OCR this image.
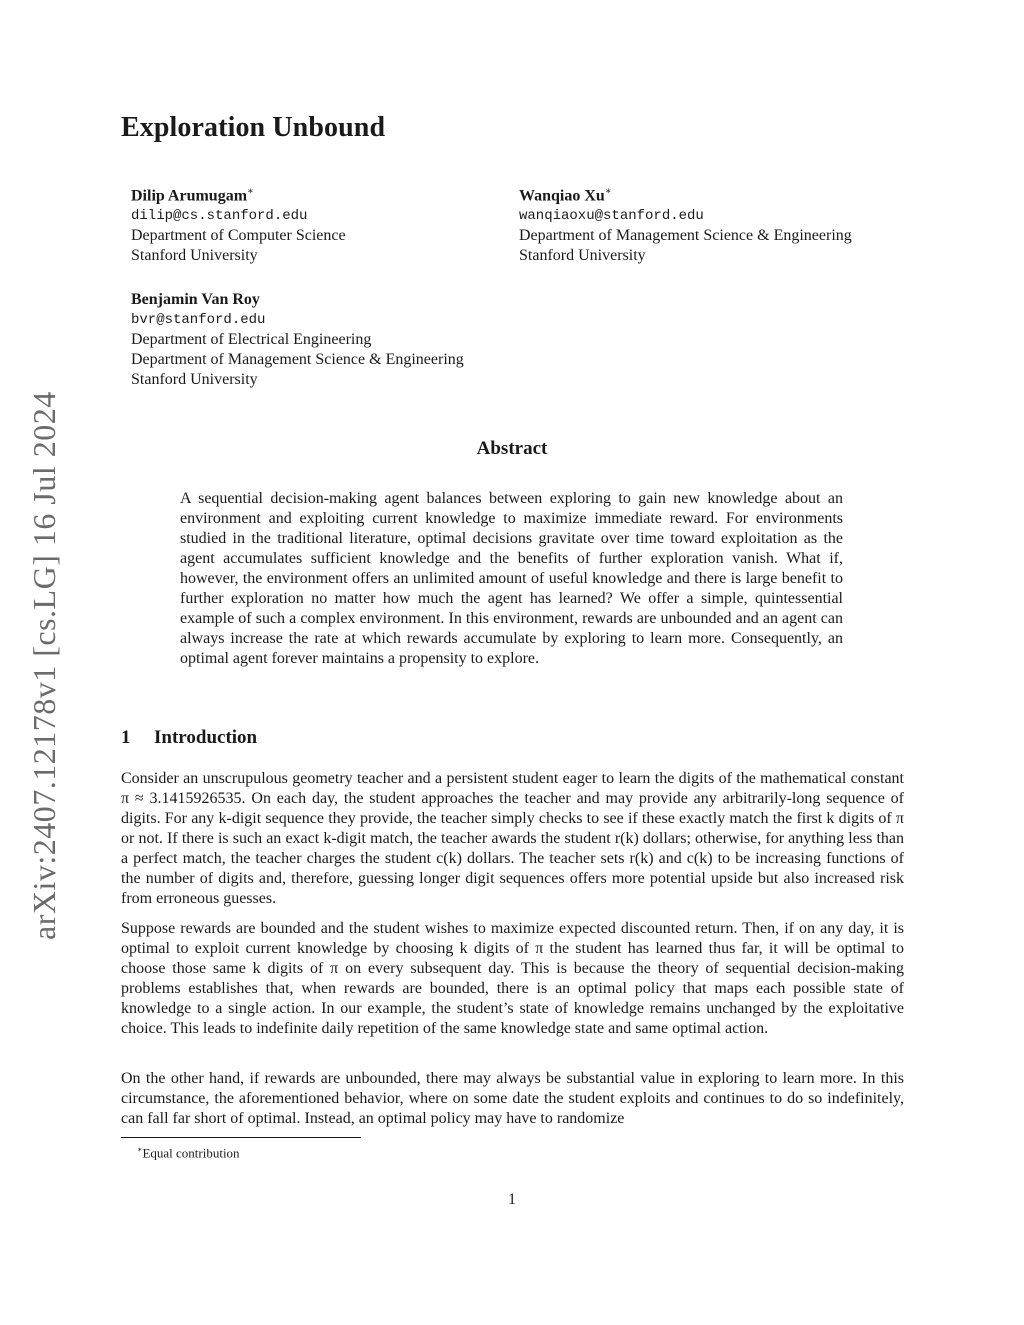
arXiv:2407.12178v1 [cs.LG] 16 Jul 2024
Exploration Unbound
Dilip Arumugam∗
dilip@cs.stanford.edu
Department of Computer Science
Stanford University
Wanqiao Xu∗
wanqiaoxu@stanford.edu
Department of Management Science & Engineering
Stanford University
Benjamin Van Roy
bvr@stanford.edu
Department of Electrical Engineering
Department of Management Science & Engineering
Stanford University
Abstract

A sequential decision-making agent balances between exploring to gain new knowledge about an environment and exploiting current knowledge to maximize immediate reward. For environments studied in the traditional literature, optimal decisions gravitate over time toward exploitation as the agent accumulates sufficient knowledge and the benefits of further exploration vanish. What if, however, the environment offers an unlimited amount of useful knowledge and there is large benefit to further exploration no matter how much the agent has learned? We offer a simple, quintessential example of such a complex environment. In this environment, rewards are unbounded and an agent can always increase the rate at which rewards accumulate by exploring to learn more. Consequently, an optimal agent forever maintains a propensity to explore.

1 Introduction

Consider an unscrupulous geometry teacher and a persistent student eager to learn the digits of the mathematical constant π ≈ 3.1415926535. On each day, the student approaches the teacher and may provide any arbitrarily-long sequence of digits. For any k-digit sequence they provide, the teacher simply checks to see if these exactly match the first k digits of π or not. If there is such an exact k-digit match, the teacher awards the student r(k) dollars; otherwise, for anything less than a perfect match, the teacher charges the student c(k) dollars. The teacher sets r(k) and c(k) to be increasing functions of the number of digits and, therefore, guessing longer digit sequences offers more potential upside but also increased risk from erroneous guesses.

Suppose rewards are bounded and the student wishes to maximize expected discounted return. Then, if on any day, it is optimal to exploit current knowledge by choosing k digits of π the student has learned thus far, it will be optimal to choose those same k digits of π on every subsequent day. This is because the theory of sequential decision-making problems establishes that, when rewards are bounded, there is an optimal policy that maps each possible state of knowledge to a single action. In our example, the student’s state of knowledge remains unchanged by the exploitative choice. This leads to indefinite daily repetition of the same knowledge state and same optimal action.

On the other hand, if rewards are unbounded, there may always be substantial value in exploring to learn more. In this circumstance, the aforementioned behavior, where on some date the student exploits and continues to do so indefinitely, can fall far short of optimal. Instead, an optimal policy may have to randomize

∗Equal contribution
1
